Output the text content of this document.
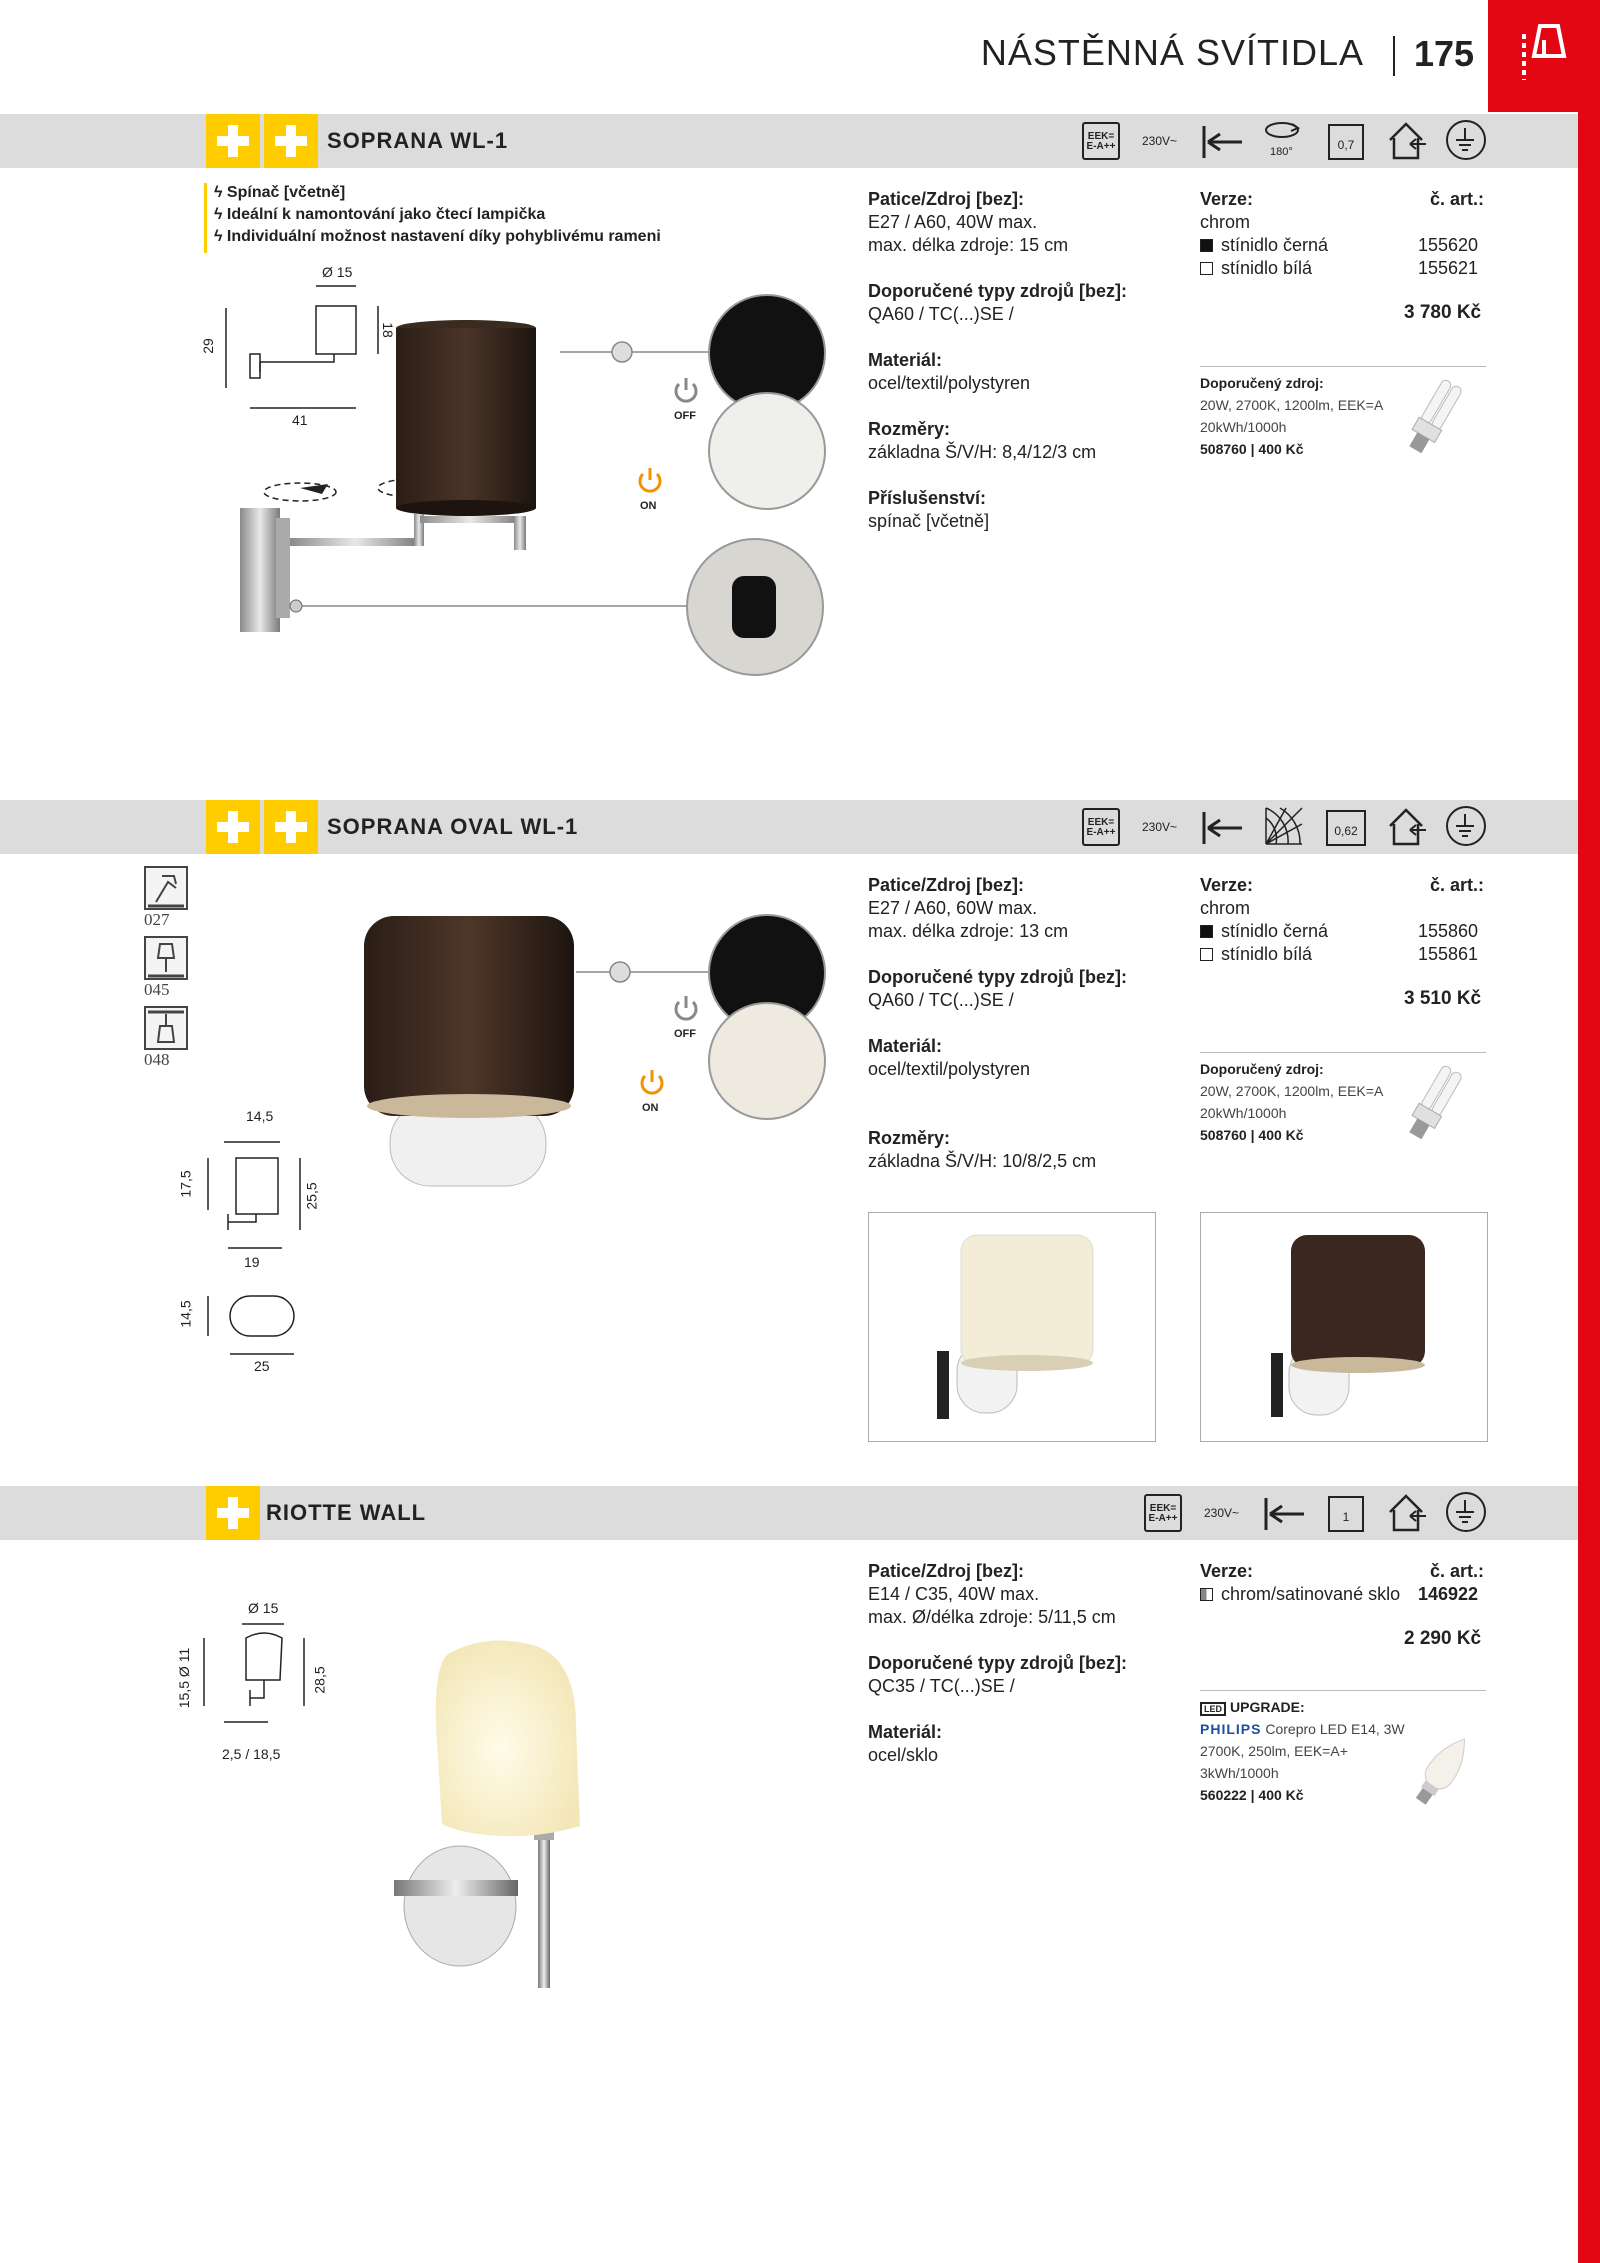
NÁSTĚNNÁ SVÍTIDLA 175
SOPRANA WL-1	EEK=
E-A++	230V~
180°	0,7
ϟ Spínač [včetně]
ϟ Ideální k namontování jako čtecí lampička
ϟ Individuální možnost nastavení díky pohyblivému rameni
Ø 15
29
18
41	OFF
ON
Patice/Zdroj [bez]:
E27 / A60, 40W max.
max. délka zdroje: 15 cm
Doporučené typy zdrojů [bez]:
QA60 / TC(...)SE /
Materiál:
ocel/textil/polystyren
Rozměry:
základna Š/V/H: 8,4/12/3 cm
Příslušenství:
spínač [včetně]
Verze:	č. art.:
chrom
stínidlo černá	155620
stínidlo bílá	155621
3 780 Kč
Doporučený zdroj:
20W, 2700K, 1200lm, EEK=A
20kWh/1000h
508760 | 400 Kč
SOPRANA OVAL WL-1	EEK=
E-A++	230V~	0,62
027
045
048
14,5
17,5	25,5
19
14,5
25
OFF
ON
Patice/Zdroj [bez]:
E27 / A60, 60W max.
max. délka zdroje: 13 cm
Doporučené typy zdrojů [bez]:
QA60 / TC(...)SE /
Materiál:
ocel/textil/polystyren
Rozměry:
základna Š/V/H: 10/8/2,5 cm
Verze:	č. art.:
chrom
stínidlo černá	155860
stínidlo bílá	155861
3 510 Kč
Doporučený zdroj:
20W, 2700K, 1200lm, EEK=A
20kWh/1000h
508760 | 400 Kč
RIOTTE WALL	EEK=
E-A++	230V~	1
Ø 15
15,5 Ø 11	28,5
2,5 / 18,5
Patice/Zdroj [bez]:
E14 / C35, 40W max.
max. Ø/délka zdroje: 5/11,5 cm
Doporučené typy zdrojů [bez]:
QC35 / TC(...)SE /
Materiál:
ocel/sklo
Verze:	č. art.:
chrom/satinované sklo 146922
2 290 Kč
LED UPGRADE:
PHILIPS Corepro LED E14, 3W
2700K, 250lm, EEK=A+
3kWh/1000h
560222 | 400 Kč
